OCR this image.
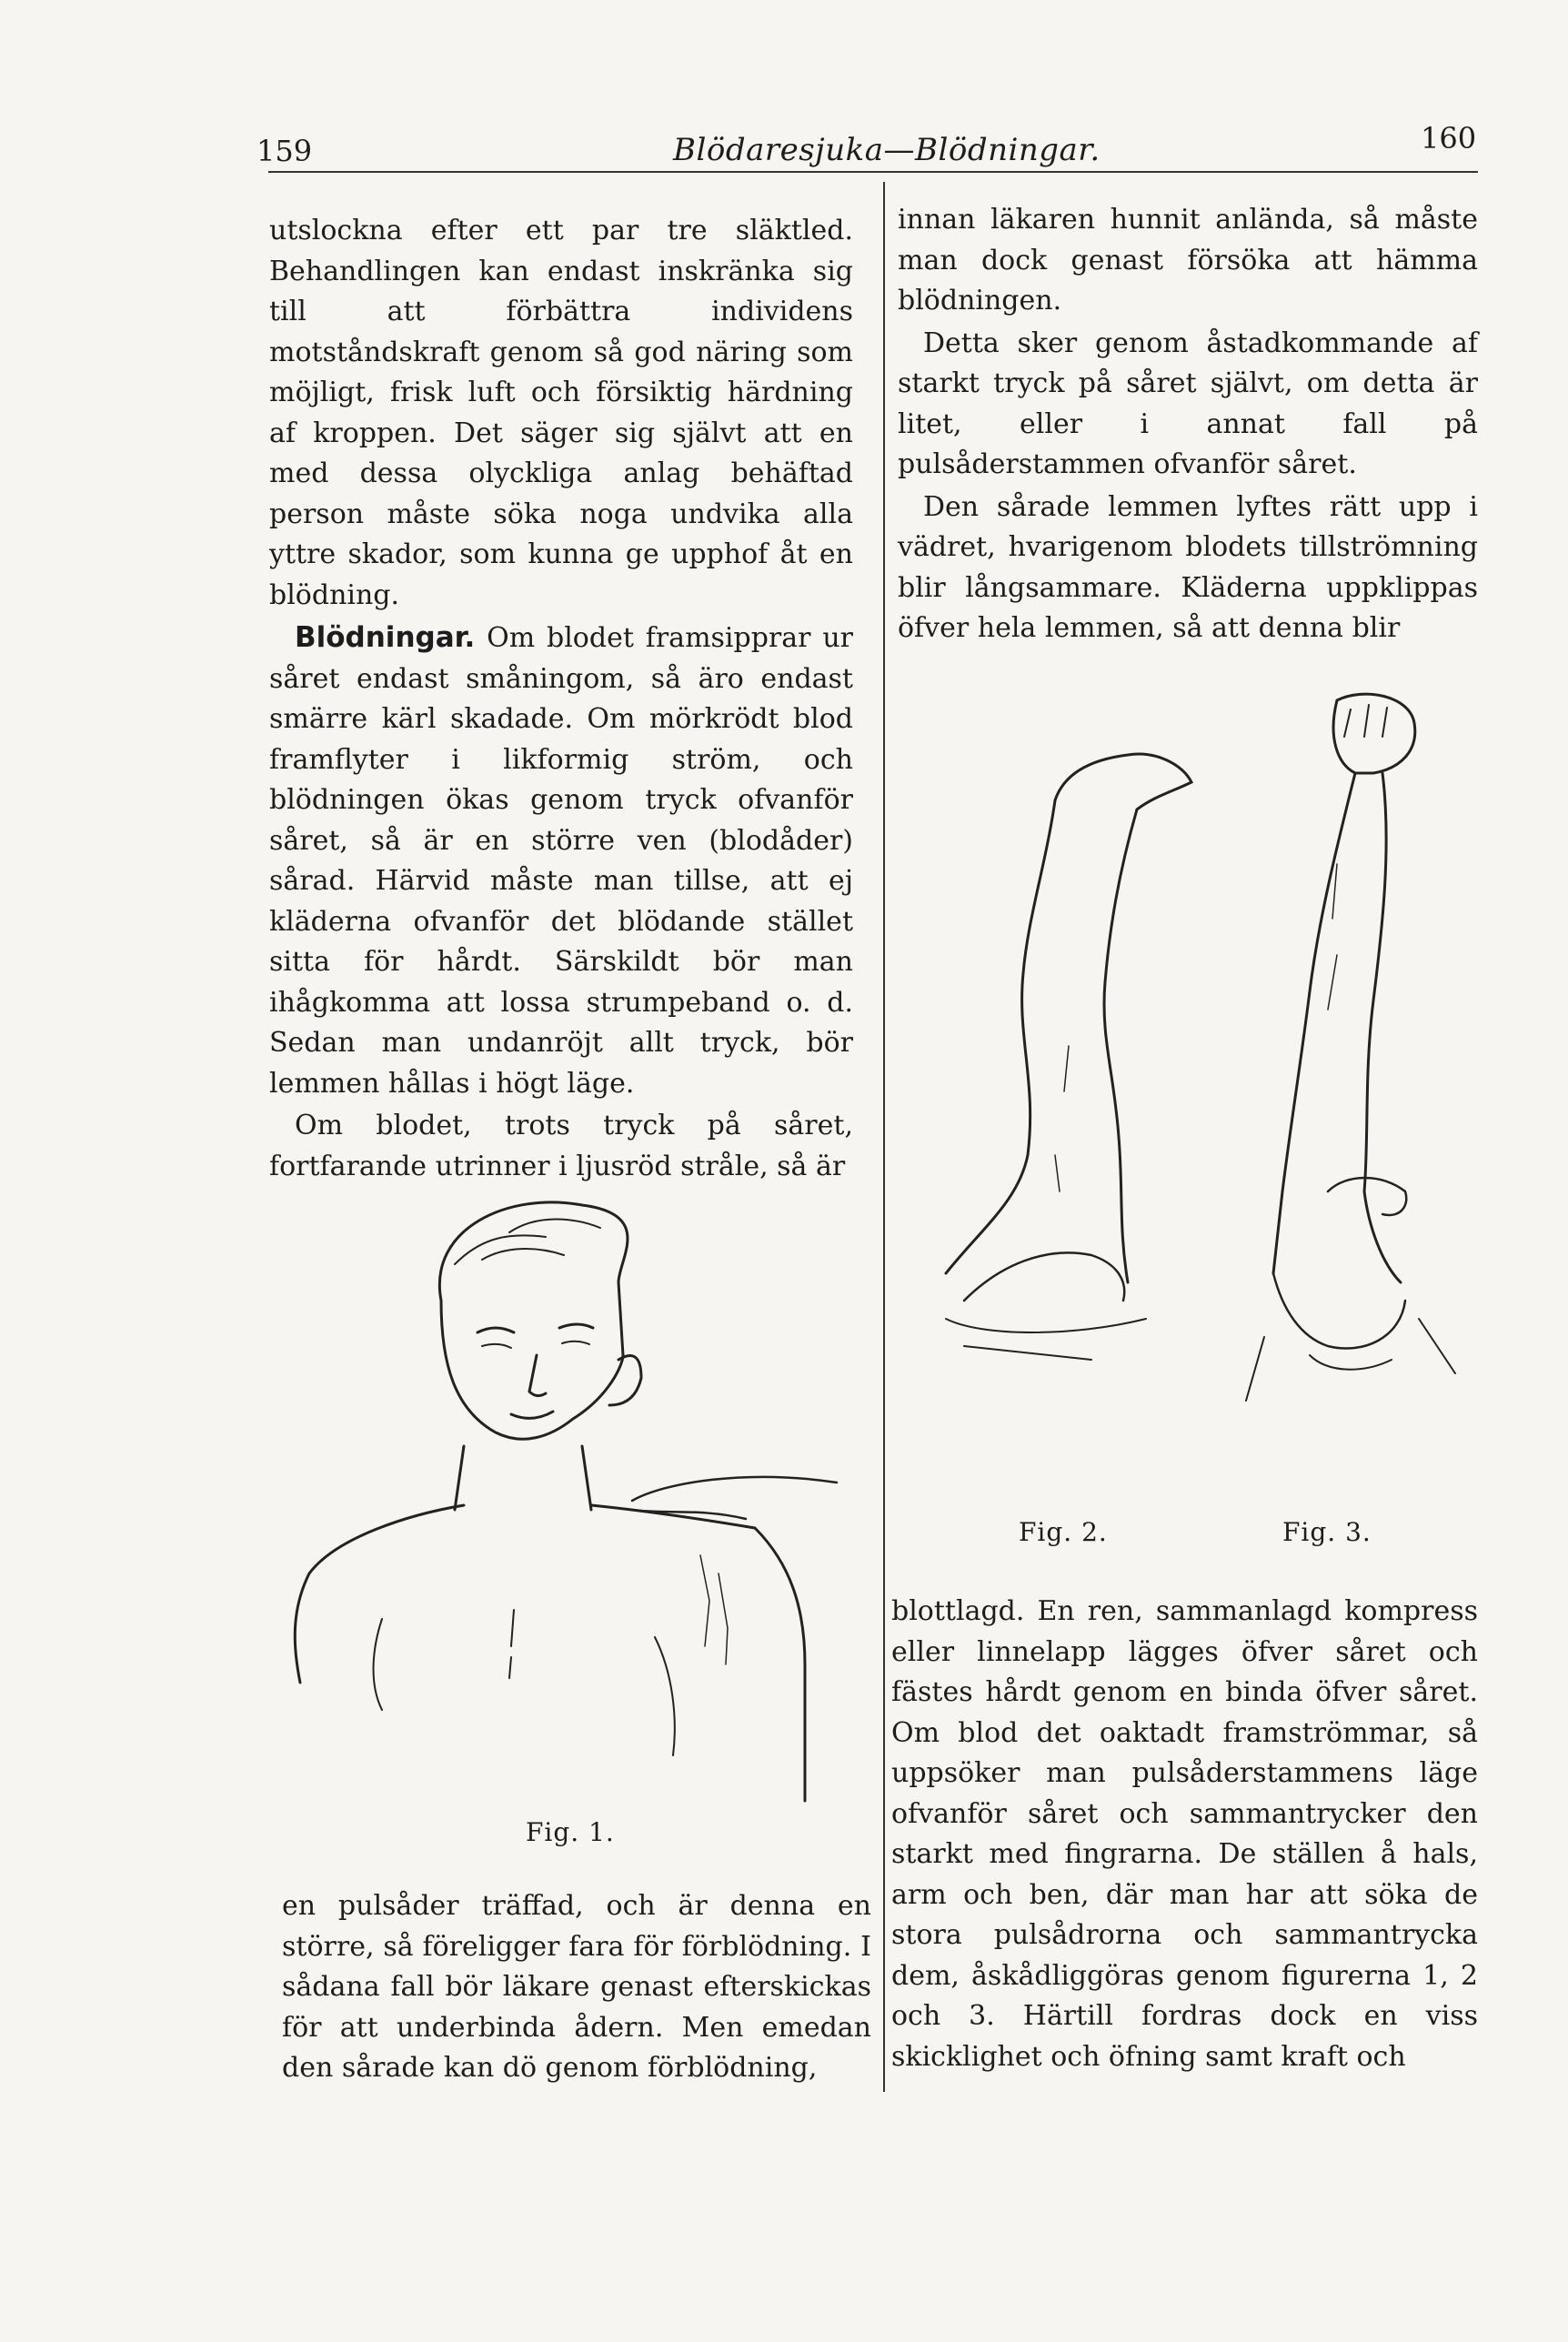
159	Blödaresjuka—Blödningar.	160

utslockna efter ett par tre släktled. Behandlingen kan endast inskränka sig till att förbättra individens motståndskraft genom så god näring som möjligt, frisk luft och försiktig härdning af kroppen. Det säger sig självt att en med dessa olyckliga anlag behäftad person måste söka noga undvika alla yttre skador, som kunna ge upphof åt en blödning.

Blödningar. Om blodet framsipprar ur såret endast småningom, så äro endast smärre kärl skadade. Om mörkrödt blod framflyter i likformig ström, och blödningen ökas genom tryck ofvanför såret, så är en större ven (blodåder) sårad. Härvid måste man tillse, att ej kläderna ofvanför det blödande stället sitta för hårdt. Särskildt bör man ihågkomma att lossa strumpeband o. d. Sedan man undanröjt allt tryck, bör lemmen hållas i högt läge.

Om blodet, trots tryck på såret, fortfarande utrinner i ljusröd stråle, så är

Fig. 1.

en pulsåder träffad, och är denna en större, så föreligger fara för förblödning. I sådana fall bör läkare genast efterskickas för att underbinda ådern. Men emedan den sårade kan dö genom förblödning,

innan läkaren hunnit anlända, så måste man dock genast försöka att hämma blödningen.

Detta sker genom åstadkommande af starkt tryck på såret självt, om detta är litet, eller i annat fall på pulsåderstammen ofvanför såret.

Den sårade lemmen lyftes rätt upp i vädret, hvarigenom blodets tillströmning blir långsammare. Kläderna uppklippas öfver hela lemmen, så att denna blir

Fig. 2.	Fig. 3.

blottlagd. En ren, sammanlagd kompress eller linnelapp lägges öfver såret och fästes hårdt genom en binda öfver såret. Om blod det oaktadt framströmmar, så uppsöker man pulsåderstammens läge ofvanför såret och sammantrycker den starkt med fingrarna. De ställen å hals, arm och ben, där man har att söka de stora pulsådrorna och sammantrycka dem, åskådliggöras genom figurerna 1, 2 och 3. Härtill fordras dock en viss skicklighet och öfning samt kraft och
